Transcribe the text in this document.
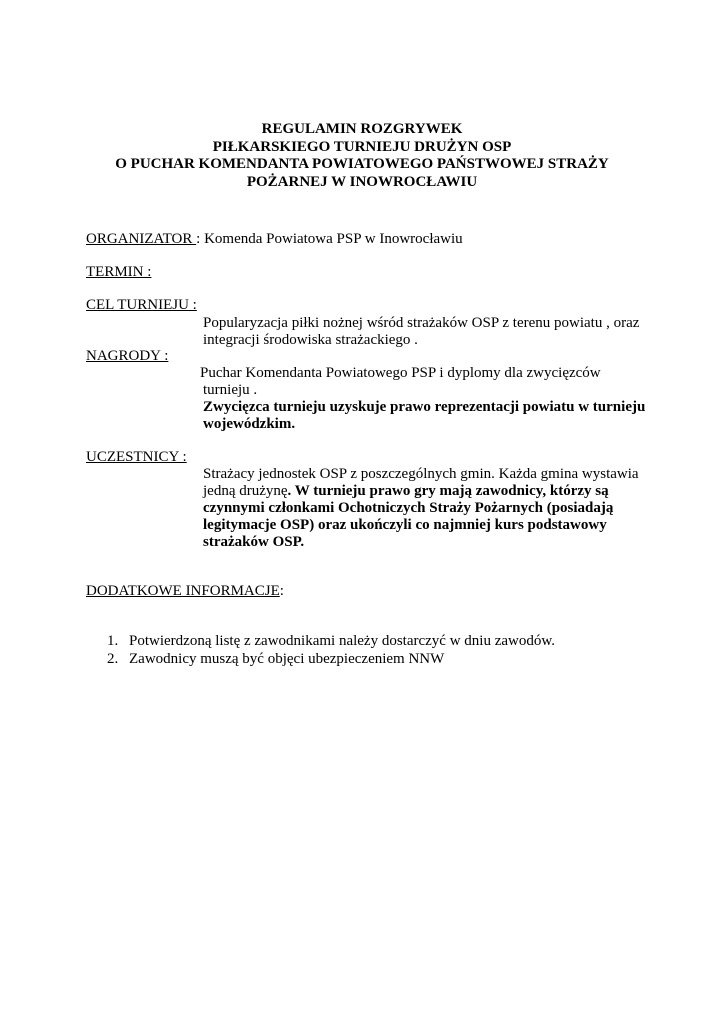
REGULAMIN ROZGRYWEK
PIŁKARSKIEGO TURNIEJU DRUŻYN OSP
O PUCHAR KOMENDANTA POWIATOWEGO PAŃSTWOWEJ STRAŻY
POŻARNEJ W INOWROCŁAWIU
ORGANIZATOR : Komenda Powiatowa PSP w Inowrocławiu
TERMIN :
CEL TURNIEJU :
Popularyzacja piłki nożnej wśród strażaków OSP z terenu powiatu , oraz
integracji środowiska strażackiego .
NAGRODY :
Puchar Komendanta Powiatowego PSP i dyplomy dla zwycięzców
turnieju .
Zwycięzca turnieju uzyskuje prawo reprezentacji powiatu w turnieju
wojewódzkim.
UCZESTNICY :
Strażacy jednostek OSP z poszczególnych gmin. Każda gmina wystawia
jedną drużynę. W turnieju prawo gry mają zawodnicy, którzy są
czynnymi członkami Ochotniczych Straży Pożarnych (posiadają
legitymacje OSP) oraz ukończyli co najmniej kurs podstawowy
strażaków OSP.
DODATKOWE INFORMACJE:
1. Potwierdzoną listę z zawodnikami należy dostarczyć w dniu zawodów.
2. Zawodnicy muszą być objęci ubezpieczeniem NNW
